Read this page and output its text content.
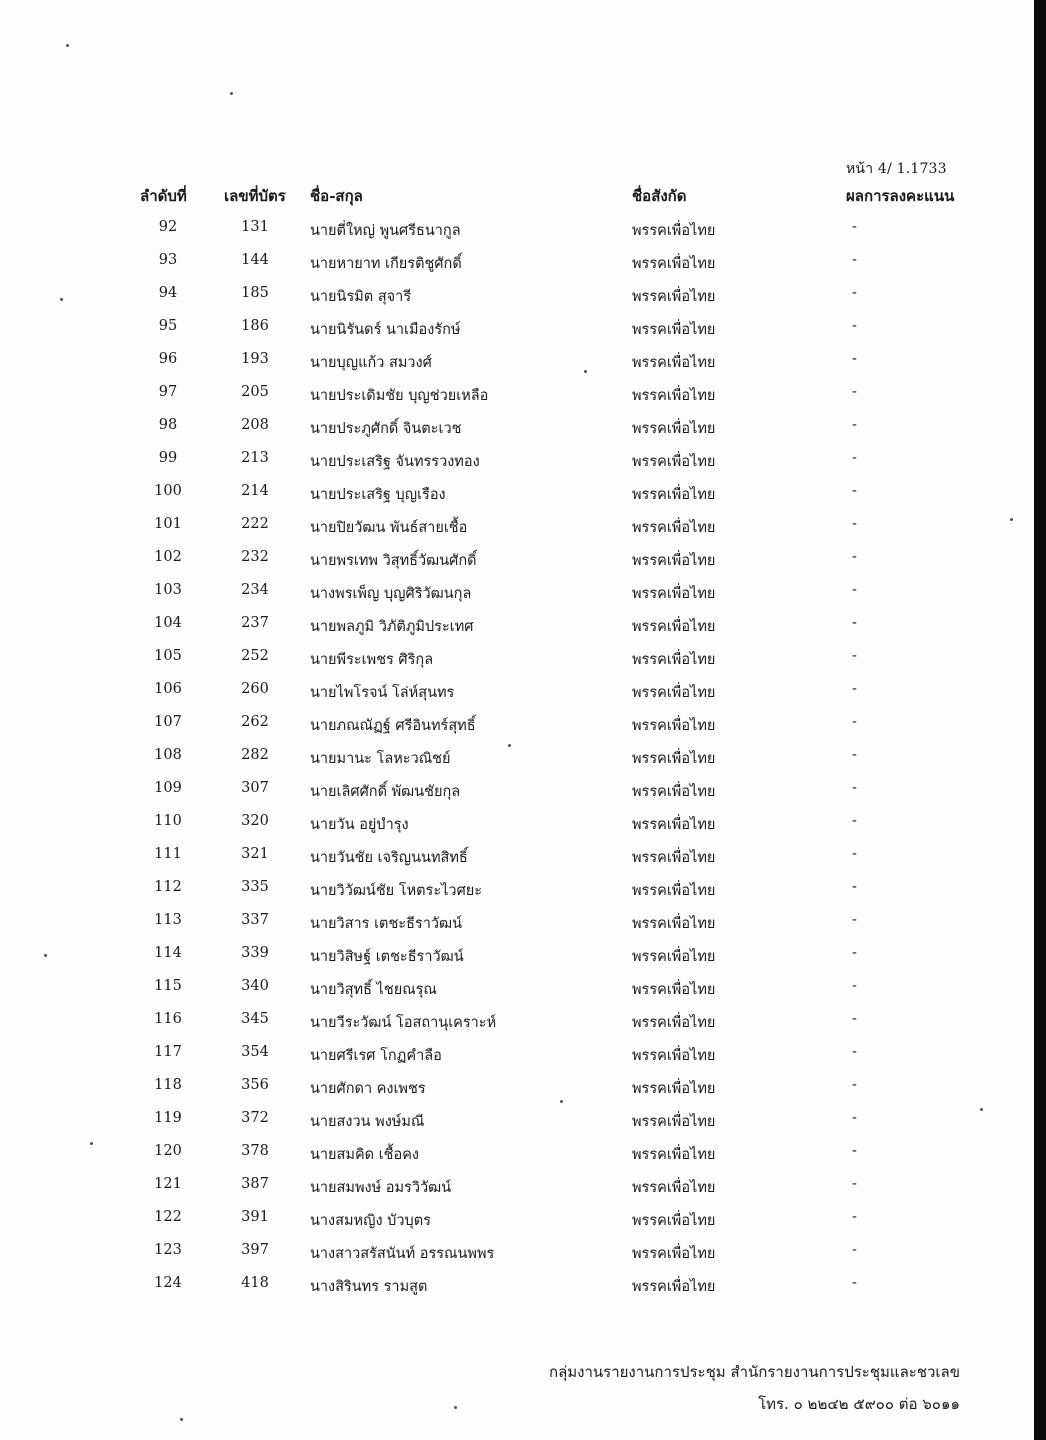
หน้า 4/ 1.1733
ลำดับที่ เลขที่บัตร ชื่อ-สกุล	ชื่อสังกัด	ผลการลงคะแนน
92	131	นายตี่ใหญ่ พูนศรีธนากูล	พรรคเพื่อไทย	-
93	144	นายหายาท เกียรติชูศักดิ์	พรรคเพื่อไทย	-
94	185	นายนิรมิต สุจารี	พรรคเพื่อไทย	-
95	186	นายนิรันดร์ นาเมืองรักษ์	พรรคเพื่อไทย	-
96	193	นายบุญแก้ว สมวงศ์	พรรคเพื่อไทย	-
97	205	นายประเดิมชัย บุญช่วยเหลือ	พรรคเพื่อไทย	-
98	208	นายประภูศักดิ์ จินตะเวช	พรรคเพื่อไทย	-
99	213	นายประเสริฐ จันทรรวงทอง	พรรคเพื่อไทย	-
100	214	นายประเสริฐ บุญเรือง	พรรคเพื่อไทย	-
101	222	นายปิยวัฒน พันธ์สายเชื้อ	พรรคเพื่อไทย	-
102	232	นายพรเทพ วิสุทธิ์วัฒนศักดิ์	พรรคเพื่อไทย	-
103	234	นางพรเพ็ญ บุญศิริวัฒนกุล	พรรคเพื่อไทย	-
104	237	นายพลภูมิ วิภัติภูมิประเทศ	พรรคเพื่อไทย	-
105	252	นายพีระเพชร ศิริกุล	พรรคเพื่อไทย	-
106	260	นายไพโรจน์ โล่ห์สุนทร	พรรคเพื่อไทย	-
107	262	นายภณณัฏฐ์ ศรีอินทร์สุทธิ์	พรรคเพื่อไทย	-
108	282	นายมานะ โลหะวณิชย์	พรรคเพื่อไทย	-
109	307	นายเลิศศักดิ์ พัฒนชัยกุล	พรรคเพื่อไทย	-
110	320	นายวัน อยู่บำรุง	พรรคเพื่อไทย	-
111	321	นายวันชัย เจริญนนทสิทธิ์	พรรคเพื่อไทย	-
112	335	นายวิวัฒน์ชัย โหตระไวศยะ	พรรคเพื่อไทย	-
113	337	นายวิสาร เตชะธีราวัฒน์	พรรคเพื่อไทย	-
114	339	นายวิสิษฐ์ เตชะธีราวัฒน์	พรรคเพื่อไทย	-
115	340	นายวิสุทธิ์ ไชยณรุณ	พรรคเพื่อไทย	-
116	345	นายวีระวัฒน์ โอสถานุเคราะห์	พรรคเพื่อไทย	-
117	354	นายศรีเรศ โกฏคำลือ	พรรคเพื่อไทย	-
118	356	นายศักดา คงเพชร	พรรคเพื่อไทย	-
119	372	นายสงวน พงษ์มณี	พรรคเพื่อไทย	-
120	378	นายสมคิด เชื้อคง	พรรคเพื่อไทย	-
121	387	นายสมพงษ์ อมรวิวัฒน์	พรรคเพื่อไทย	-
122	391	นางสมหญิง บัวบุตร	พรรคเพื่อไทย	-
123	397	นางสาวสรัสนันท์ อรรณนพพร	พรรคเพื่อไทย	-
124	418	นางสิรินทร รามสูต	พรรคเพื่อไทย	-
กลุ่มงานรายงานการประชุม สำนักรายงานการประชุมและชวเลข
โทร. ๐ ๒๒๔๒ ๕๙๐๐ ต่อ ๖๐๑๑
